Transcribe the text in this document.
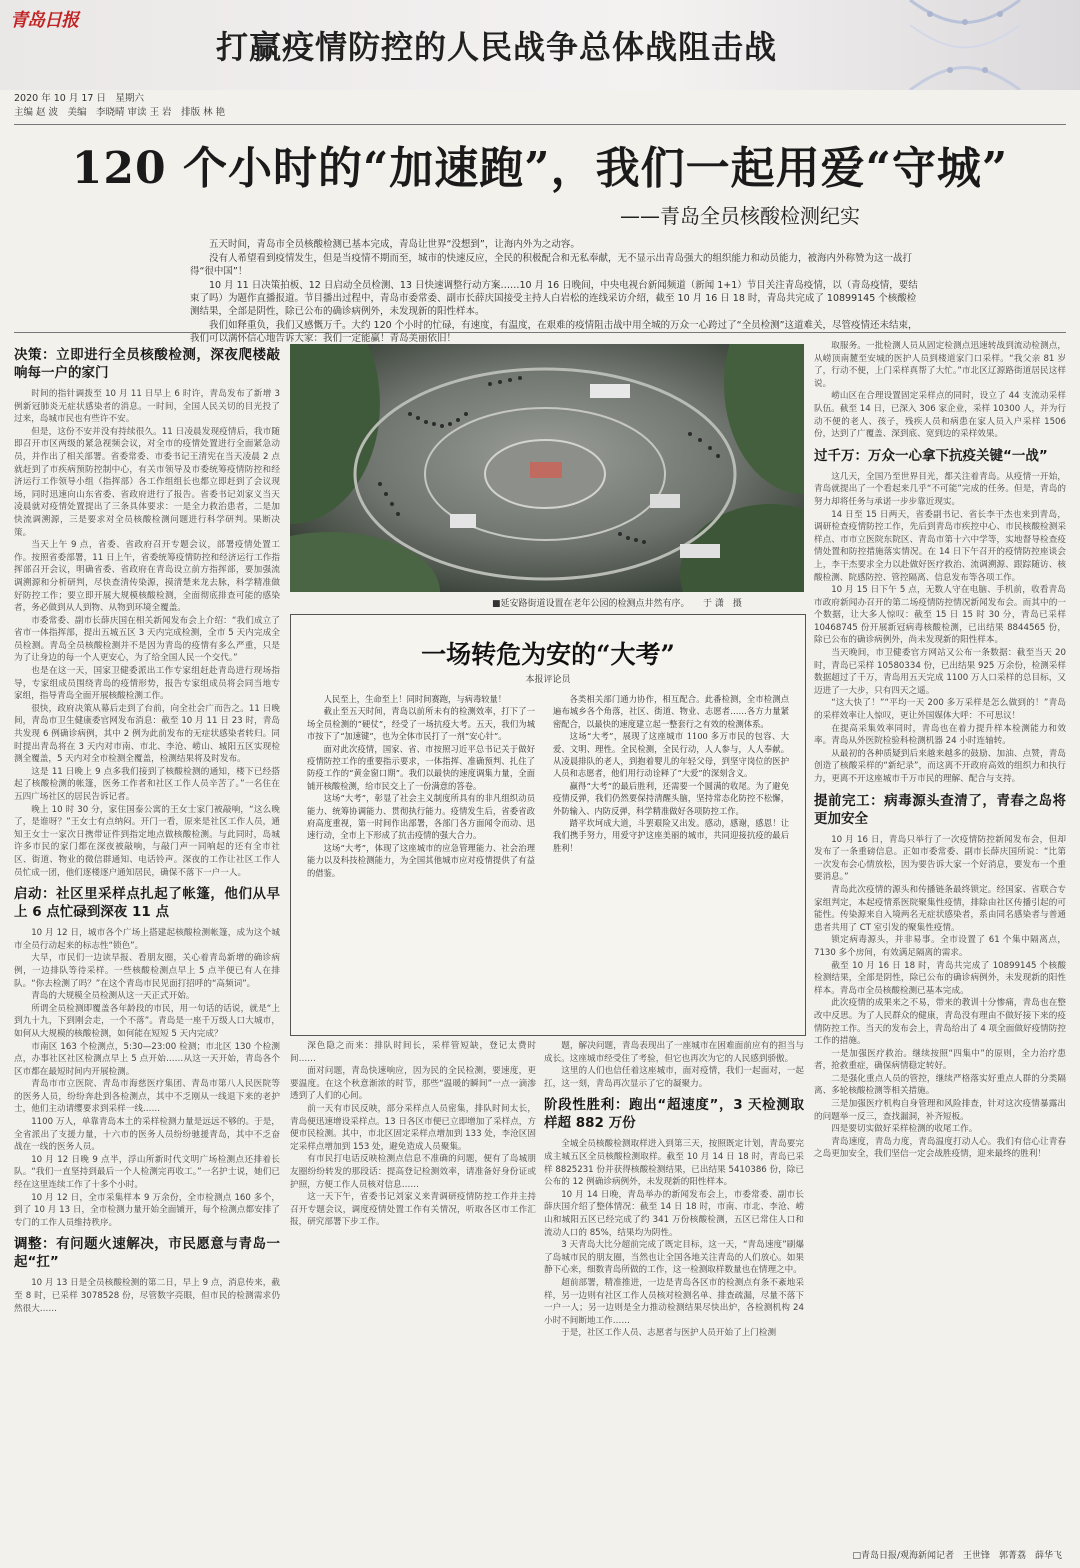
青岛日报
打赢疫情防控的人民战争总体战阻击战
2020 年 10 月 17 日　星期六
主编 赵 波　美编　李晓晴 审读 王 岩　排版 林 艳
120 个小时的“加速跑”，我们一起用爱“守城”
——青岛全员核酸检测纪实

五天时间，青岛市全员核酸检测已基本完成，青岛让世界“没想到”，让海内外为之动容。

没有人希望看到疫情发生，但是当疫情不期而至，城市的快速反应，全民的积极配合和无私奉献，无不显示出青岛强大的组织能力和动员能力，被海内外称赞为这一战打得“很中国”！

10 月 11 日决策拍板、12 日启动全员检测、13 日快速调整行动方案……10 月 16 日晚间，中央电视台新闻频道（新闻 1+1）节目关注青岛疫情，以（青岛疫情，要结束了吗）为题作直播报道。节目播出过程中，青岛市委常委、副市长薛庆国接受主持人白岩松的连线采访介绍，截至 10 月 16 日 18 时，青岛共完成了 10899145 个核酸检测结果，全部是阴性，除已公布的确诊病例外，未发现新的阳性样本。

我们如释重负，我们又感慨万千。大约 120 个小时的忙碌，有速度，有温度，在艰难的疫情阻击战中用全城的万众一心跨过了“全员检测”这道难关，尽管疫情还未结束，我们可以满怀信心地告诉大家：我们一定能赢！青岛美丽依旧！

决策：立即进行全员核酸检测，深夜爬楼敲响每一户的家门

时间的指针调拨至 10 月 11 日早上 6 时许，青岛发布了新增 3 例新冠肺炎无症状感染者的消息。一时间，全国人民关切的目光投了过来，岛城市民也有些许不安。

但是，这份不安并没有持续很久。11 日凌晨发现疫情后，我市随即召开市区两级的紧急视频会议，对全市的疫情处置进行全面紧急动员，并作出了相关部署。省委常委、市委书记王清宪在当天凌晨 2 点就赶到了市疾病预防控制中心，有关市领导及市委统筹疫情防控和经济运行工作领导小组（指挥部）各工作组组长也都立即赶到了会议现场，同时迅速向山东省委、省政府进行了报告。省委书记刘家义当天凌晨就对疫情处置提出了三条具体要求：一是全力救治患者，二是加快流调溯源，三是要求对全员核酸检测问题进行科学研判。果断决策。

当天上午 9 点，省委、省政府召开专题会议，部署疫情处置工作。按照省委部署，11 日上午，省委统筹疫情防控和经济运行工作指挥部召开会议，明确省委、省政府在青岛设立前方指挥部，要加强流调溯源和分析研判，尽快查清传染源，摸清楚来龙去脉，科学精准做好防控工作；要立即开展大规模核酸检测，全面彻底排查可能的感染者，务必做到从人到物、从物到环境全覆盖。

市委常委、副市长薛庆国在相关新闻发布会上介绍：“我们成立了省市一体指挥部，提出五城五区 3 天内完成检测，全市 5 天内完成全员检测。青岛全员核酸检测并不是因为青岛的疫情有多么严重，只是为了让身边的每一个人更安心，为了给全国人民一个交代。”

也是在这一天，国家卫健委派出工作专家组赶赴青岛进行现场指导，专家组成员围绕青岛的疫情形势，报告专家组成员将会同当地专家组，指导青岛全面开展核酸检测工作。

很快，政府决策从幕后走到了台前，向全社会广而告之。11 日晚间，青岛市卫生健康委官网发布消息：截至 10 月 11 日 23 时，青岛共发现 6 例确诊病例，其中 2 例为此前发布的无症状感染者转归。同时提出青岛将在 3 天内对市南、市北、李沧、崂山、城阳五区实现检测全覆盖，5 天内对全市检测全覆盖，检测结果将及时发布。

这是 11 日晚上 9 点多我们接到了核酸检测的通知，楼下已经搭起了核酸检测的帐篷，医务工作者和社区工作人员辛苦了。”一名住在五四广场社区的居民告诉记者。

晚上 10 时 30 分，家住国泰公寓的王女士家门被敲响，“这么晚了，是谁呀？”王女士有点纳闷。开门一看，原来是社区工作人员，通知王女士一家次日携带证件到指定地点做核酸检测。与此同时，岛城许多市民的家门都在深夜被敲响，与敲门声一同响起的还有全市社区、街道、物业的微信群通知、电话铃声。深夜的工作让社区工作人员忙成一团，他们逐楼逐户通知居民，确保不落下一户一人。

启动：社区里采样点扎起了帐篷，他们从早上 6 点忙碌到深夜 11 点

10 月 12 日，城市各个广场上搭建起核酸检测帐篷，成为这个城市全员行动起来的标志性“锁色”。

大早，市民们一边读早报、看朋友圈，关心着青岛新增的确诊病例，一边排队等待采样。一些核酸检测点早上 5 点半便已有人在排队。“你去检测了吗？”在这个青岛市民见面打招呼的“高频词”。

青岛的大规模全员检测从这一天正式开始。

所谓全员检测即覆盖各年龄段的市民，用一句话的话说，就是“上到九十九，下到刚会走，一个不落”。青岛是一座千万级人口大城市，如何从大规模的核酸检测，如何能在短短 5 天内完成？

市南区 163 个检测点，5:30—23:00 检测；市北区 130 个检测点，办事社区社区检测点早上 5 点开始……从这一天开始，青岛各个区市都在最短时间内开展检测。

青岛市市立医院、青岛市海慈医疗集团、青岛市第八人民医院等的医务人员，纷纷奔赴到各检测点，其中不乏刚从一线退下来的老护士，他们主动请缨要求到采样一线……

1100 万人，单靠青岛本土的采样检测力量是远远不够的。于是，全省派出了支援力量，十六市的医务人员纷纷驰援青岛，其中不乏奋战在一线的医务人员。

10 月 12 日晚 9 点半，浮山所新时代文明广场检测点还排着长队。“我们一直坚持到最后一个人检测完再收工。”一名护士说，她们已经在这里连续工作了十多个小时。

10 月 12 日，全市采集样本 9 万余份，全市检测点 160 多个，到了 10 月 13 日，全市检测力量开始全面铺开，每个检测点都安排了专门的工作人员维持秩序。

调整：有问题火速解决，市民愿意与青岛一起“扛”

10 月 13 日是全员核酸检测的第二日，早上 9 点，消息传来，截至 8 时，已采样 3078528 份，尽管数字亮眼，但市民的检测需求仍然很大……

■延安路街道设置在老年公园的检测点井然有序。　　 于 潇　摄
一场转危为安的“大考”
本报评论员

人民至上，生命至上！同时间赛跑，与病毒较量！

截止至五天时间，青岛以前所未有的检测效率，打下了一场全员检测的“硬仗”，经受了一场抗疫大考。五天，我们为城市按下了“加速键”，也为全体市民打了一剂“安心针”。

面对此次疫情，国家、省、市按照习近平总书记关于做好疫情防控工作的重要指示要求，一体指挥、准确预判、扎住了防疫工作的“黄金窗口期”。我们以最快的速度调集力量，全面铺开核酸检测，给市民交上了一份满意的答卷。

这场“大考”，彰显了社会主义制度所具有的非凡组织动员能力、统筹协调能力、贯彻执行能力。疫情发生后，省委省政府高度重视，第一时间作出部署，各部门各方面闻令而动、迅速行动，全市上下形成了抗击疫情的强大合力。

这场“大考”，体现了这座城市的应急管理能力、社会治理能力以及科技检测能力，为全国其他城市应对疫情提供了有益的借鉴。

各类相关部门通力协作，相互配合。此番检测，全市检测点遍布城乡各个角落，社区、街道、物业、志愿者……各方力量紧密配合，以最快的速度建立起一整套行之有效的检测体系。

这场“大考”，展现了这座城市 1100 多万市民的包容、大爱、文明、理性。全民检测，全民行动，人人参与，人人奉献。从凌晨排队的老人，到抱着婴儿的年轻父母，到坚守岗位的医护人员和志愿者，他们用行动诠释了“大爱”的深刻含义。

赢得“大考”的最后胜利，还需要一个圆满的收尾。为了避免疫情反弹，我们仍然要保持清醒头脑，坚持常态化防控不松懈，外防输入、内防反弹，科学精准做好各项防控工作。

踏平坎坷成大道，斗罢艰险又出发。感动，感谢，感恩！让我们携手努力，用爱守护这座美丽的城市，共同迎接抗疫的最后胜利！

深色隐之而来：排队时间长，采样管短缺，登记太费时间……

面对问题，青岛快速响应，因为民的全民检测，要速度，更要温度。在这个秋意渐浓的时节，那些“温暖的瞬间”一点一滴渗透到了人们的心间。

前一天有市民反映，部分采样点人员密集，排队时间太长，青岛便迅速增设采样点。13 日各区市便已立即增加了采样点，方便市民检测。其中，市北区固定采样点增加到 133 处，李沧区固定采样点增加到 153 处，避免造成人员聚集。

有市民打电话反映检测点信息不准确的问题，便有了岛城朋友圈纷纷转发的那段话：提高登记检测效率，请准备好身份证或护照，方便工作人员核对信息……

这一天下午，省委书记刘家义来青调研疫情防控工作并主持召开专题会议，调度疫情处置工作有关情况，听取各区市工作汇报，研究部署下步工作。

题，解决问题，青岛表现出了一座城市在困难面前应有的担当与成长。这座城市经受住了考验，但它也再次为它的人民感到骄傲。

这里的人们也信任着这座城市，面对疫情，我们一起面对，一起扛，这一刻，青岛再次显示了它的凝聚力。

阶段性胜利：跑出“超速度”，3 天检测取样超 882 万份

全城全员核酸检测取样进入到第三天，按照既定计划，青岛要完成主城五区全员核酸检测取样。截至 10 月 14 日 18 时，青岛已采样 8825231 份并获得核酸检测结果，已出结果 5410386 份，除已公布的 12 例确诊病例外，未发现新的阳性样本。

10 月 14 日晚，青岛举办的新闻发布会上，市委常委、副市长薛庆国介绍了整体情况：截至 14 日 18 时，市南、市北、李沧、崂山和城阳五区已经完成了约 341 万份核酸检测，五区已常住人口和流动人口的 85%，结果均为阴性。

3 天青岛大比分超前完成了既定目标，这一天，“青岛速度”刷爆了岛城市民的朋友圈，当然也让全国各地关注青岛的人们放心。如果静下心来，细数青岛所做的工作，这一检测取样数量也在情理之中。

超前部署，精准推进，一边是青岛各区市的检测点有条不紊地采样，另一边则有社区工作人员核对检测名单、排查疏漏，尽量不落下一户一人；另一边则是全力推动检测结果尽快出炉，各检测机构 24 小时不间断地工作……

于是，社区工作人员、志愿者与医护人员开始了上门检测

取服务。一批检测人员从固定检测点迅速转战到流动检测点，从崂顶南麓至安城的医护人员到楼道家门口采样。“我父亲 81 岁了，行动不便，上门采样真帮了大忙。”市北区辽源路街道居民这样说。

崂山区在合理设置固定采样点的同时，设立了 44 支流动采样队伍。截至 14 日，已深入 306 家企业，采样 10300 人，并为行动不便的老人、孩子，残疾人员和病患在家人员入户采样 1506 份，达到了广覆盖、深到底、宽到边的采样效果。

过千万：万众一心拿下抗疫关键“一战”

这几天，全国乃至世界目光，都关注着青岛。从疫情一开始，青岛就提出了一个看起来几乎“不可能”完成的任务。但是，青岛的努力却将任务与承诺一步步靠近现实。

14 日至 15 日两天，省委副书记、省长李干杰也来到青岛，调研检查疫情防控工作，先后到青岛市疾控中心、市民核酸检测采样点、市市立医院东院区、青岛市第十六中学等，实地督导检查疫情处置和防控措施落实情况。在 14 日下午召开的疫情防控座谈会上，李干杰要求全力以赴做好医疗救治、流调溯源、跟踪随访、核酸检测、院感防控、管控隔离、信息发布等各项工作。

10 月 15 日下午 5 点，无数人守在电脑、手机前，收看青岛市政府新闻办召开的第二场疫情防控情况新闻发布会。而其中的一个数据，让大多人惊叹：截至 15 日 15 时 30 分，青岛已采样 10468745 份开展新冠病毒核酸检测，已出结果 8844565 份，除已公布的确诊病例外，尚未发现新的阳性样本。

当天晚间，市卫健委官方网站又公布一条数据：截至当天 20 时，青岛已采样 10580334 份，已出结果 925 万余份，检测采样数据超过了千万，青岛用五天完成 1100 万人口采样的总目标，又迈进了一大步，只有四天之遥。

“这大快了！”“平均一天 200 多万采样是怎么做到的！”青岛的采样效率让人惊叹，更让外国媒体大呼：不可思议！

在提高采集效率同时，青岛也在着力提升样本检测能力和效率。青岛从外医院检验科检测机器 24 小时连轴转。

从最初的各种质疑到后来越来越多的鼓励、加油、点赞，青岛创造了核酸采样的“新纪录”，而这离不开政府高效的组织力和执行力，更离不开这座城市千万市民的理解、配合与支持。

提前完工：病毒源头查清了，青春之岛将更加安全

10 月 16 日，青岛只举行了一次疫情防控新闻发布会，但却发布了一条重磅信息。正如市委常委、副市长薛庆国所说：“比第一次发布会心情放松，因为要告诉大家一个好消息，要发布一个重要消息。”

青岛此次疫情的源头和传播链条最终锁定。经国家、省联合专家组判定，本起疫情系医院聚集性疫情，排除由社区传播引起的可能性。传染源来自入境两名无症状感染者，系由同名感染者与普通患者共用了 CT 室引发的聚集性疫情。

锁定病毒源头，并非易事。全市设置了 61 个集中隔离点，7130 多个房间，有效满足隔离的需求。

截至 10 月 16 日 18 时，青岛共完成了 10899145 个核酸检测结果，全部是阴性，除已公布的确诊病例外，未发现新的阳性样本。青岛市全员核酸检测已基本完成。

此次疫情的成果来之不易，带来的教训十分惨痛，青岛也在整改中反思。为了人民群众的健康，青岛没有理由不做好接下来的疫情防控工作。当天的发布会上，青岛给出了 4 项全面做好疫情防控工作的措施。

一是加强医疗救治。继续按照“四集中”的原则，全力治疗患者，抢救重症，确保病情稳定转好。

二是强化重点人员的管控，继续严格落实好重点人群的分类隔离、多轮核酸检测等相关措施。

三是加强医疗机构自身管理和风险排查，针对这次疫情暴露出的问题举一反三，查找漏洞，补齐短板。

四是要切实做好采样检测的收尾工作。

青岛速度，青岛力度，青岛温度打动人心。我们有信心让青春之岛更加安全，我们坚信一定会战胜疫情，迎来最终的胜利！

□青岛日报/观海新闻记者　王世锋　郭菁荔　薛华飞
